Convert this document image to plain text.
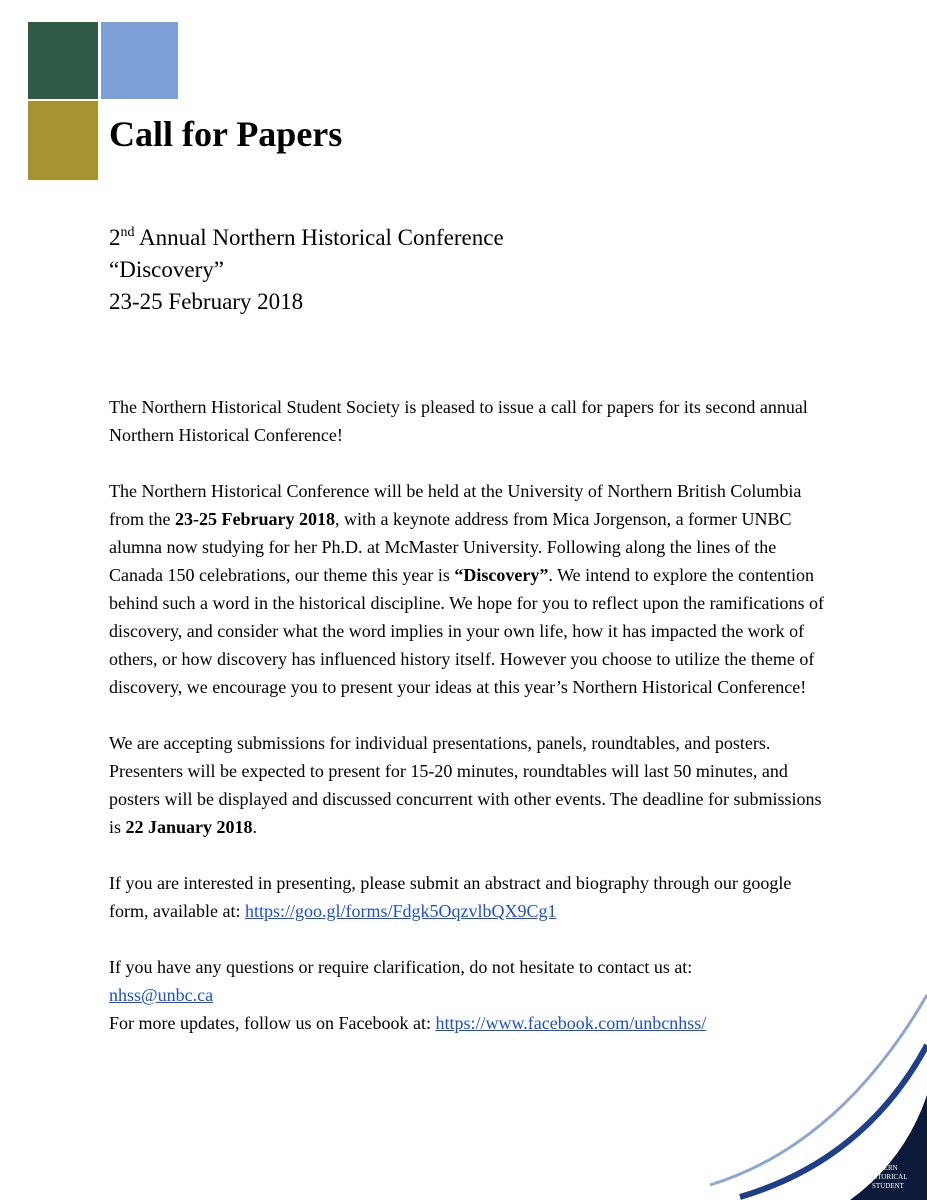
Call for Papers
2nd Annual Northern Historical Conference
“Discovery”
23-25 February 2018

The Northern Historical Student Society is pleased to issue a call for papers for its second annual Northern Historical Conference!

The Northern Historical Conference will be held at the University of Northern British Columbia from the 23-25 February 2018, with a keynote address from Mica Jorgenson, a former UNBC alumna now studying for her Ph.D. at McMaster University. Following along the lines of the Canada 150 celebrations, our theme this year is “Discovery”. We intend to explore the contention behind such a word in the historical discipline. We hope for you to reflect upon the ramifications of discovery, and consider what the word implies in your own life, how it has impacted the work of others, or how discovery has influenced history itself. However you choose to utilize the theme of discovery, we encourage you to present your ideas at this year’s Northern Historical Conference!

We are accepting submissions for individual presentations, panels, roundtables, and posters. Presenters will be expected to present for 15-20 minutes, roundtables will last 50 minutes, and posters will be displayed and discussed concurrent with other events. The deadline for submissions is 22 January 2018.

If you are interested in presenting, please submit an abstract and biography through our google form, available at: https://goo.gl/forms/Fdgk5OqzvlbQX9Cg1

If you have any questions or require clarification, do not hesitate to contact us at:
nhss@unbc.ca

For more updates, follow us on Facebook at: https://www.facebook.com/unbcnhss/

NORTHERN
HISTORICAL
STUDENT
